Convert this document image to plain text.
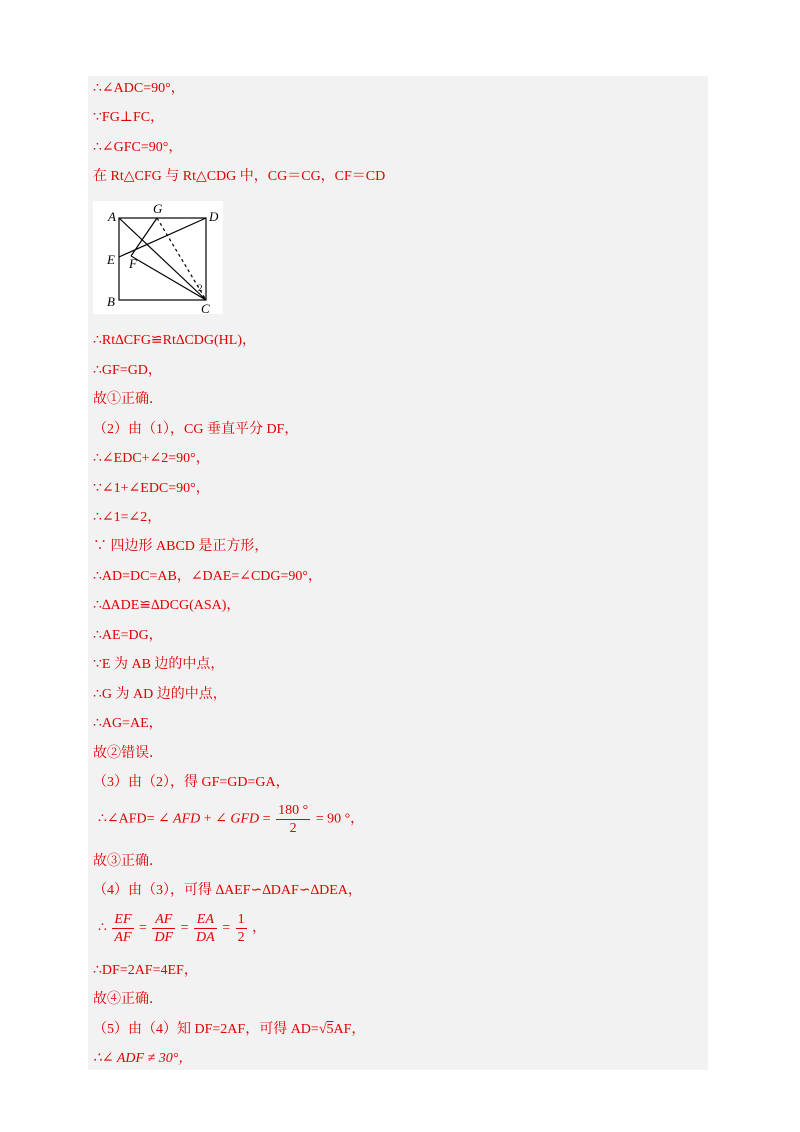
∴∠ADC=90°，
∵FG⊥FC，
∴∠GFC=90°，
在 Rt△CFG 与 Rt△CDG 中，CG＝CG，CF＝CD
A
G
D
E F
B	C
2
∴Rt∆CFG≌Rt∆CDG(HL)，
∴GF=GD，
故①正确．
（2）由（1），CG 垂直平分 DF，
∴∠EDC+∠2=90°，
∵∠1+∠EDC=90°，
∴∠1=∠2，
∵ 四边形 ABCD 是正方形，
∴AD=DC=AB，∠DAE=∠CDG=90°，
∴∆ADE≌∆DCG(ASA)，
∴AE=DG，
∵E 为 AB 边的中点，
∴G 为 AD 边的中点，
∴AG=AE，
故②错误．
（3）由（2），得 GF=GD=GA，
∴∠AFD= ∠ AFD + ∠ GFD = $\frac{180 ^\circ}{2} = 90$ °，
故③正确．
（4）由（3），可得 ∆AEF∽∆DAF∽∆DEA，
∴ $\frac{EF}{AF} = \frac{AF}{DF} = \frac{EA}{DA} = \frac{1}{2}$ ，
∴DF=2AF=4EF，
故④正确．
（5）由（4）知 DF=2AF，可得 AD=√5AF，
∴∠ ADF ≠ 30°，
